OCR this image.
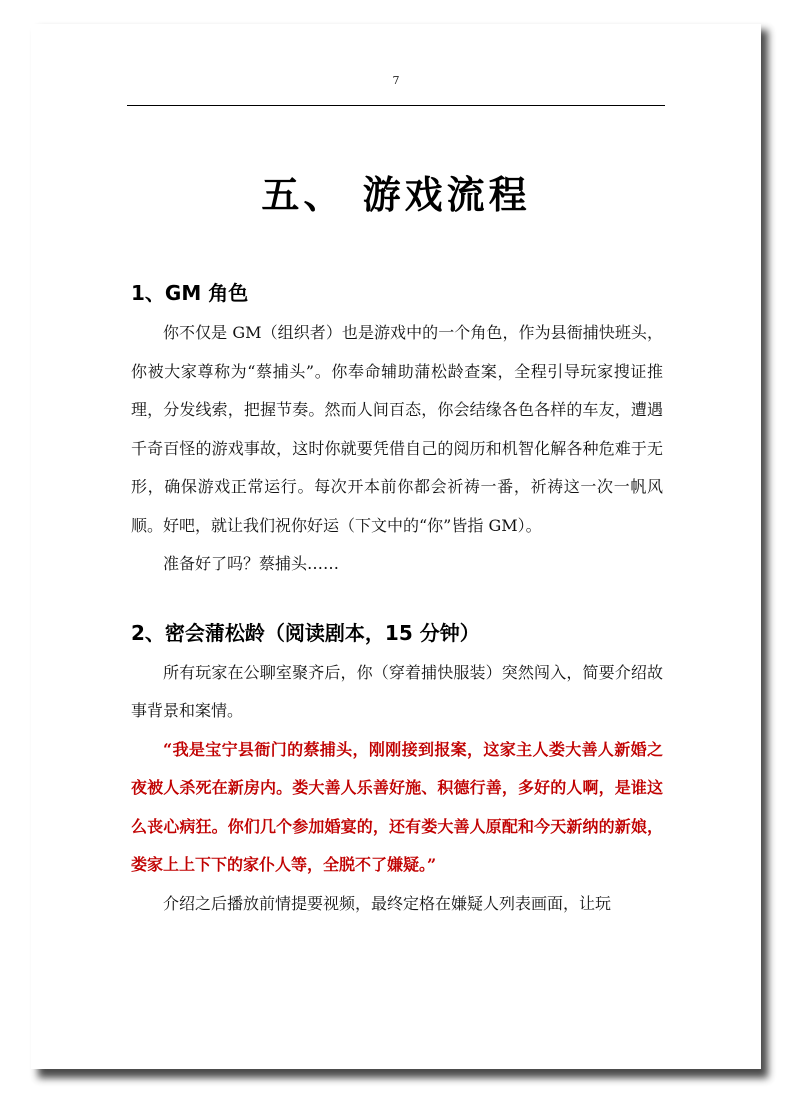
7
五、 游戏流程
1、GM 角色

你不仅是 GM（组织者）也是游戏中的一个角色，作为县衙捕快班头，你被大家尊称为“蔡捕头”。你奉命辅助蒲松龄查案，全程引导玩家搜证推理，分发线索，把握节奏。然而人间百态，你会结缘各色各样的车友，遭遇千奇百怪的游戏事故，这时你就要凭借自己的阅历和机智化解各种危难于无形，确保游戏正常运行。每次开本前你都会祈祷一番，祈祷这一次一帆风顺。好吧，就让我们祝你好运（下文中的“你”皆指 GM）。

准备好了吗？蔡捕头……

2、密会蒲松龄（阅读剧本，15 分钟）

所有玩家在公聊室聚齐后，你（穿着捕快服装）突然闯入，简要介绍故事背景和案情。

“我是宝宁县衙门的蔡捕头，刚刚接到报案，这家主人娄大善人新婚之夜被人杀死在新房内。娄大善人乐善好施、积德行善，多好的人啊，是谁这么丧心病狂。你们几个参加婚宴的，还有娄大善人原配和今天新纳的新娘，娄家上上下下的家仆人等，全脱不了嫌疑。”

介绍之后播放前情提要视频，最终定格在嫌疑人列表画面，让玩
